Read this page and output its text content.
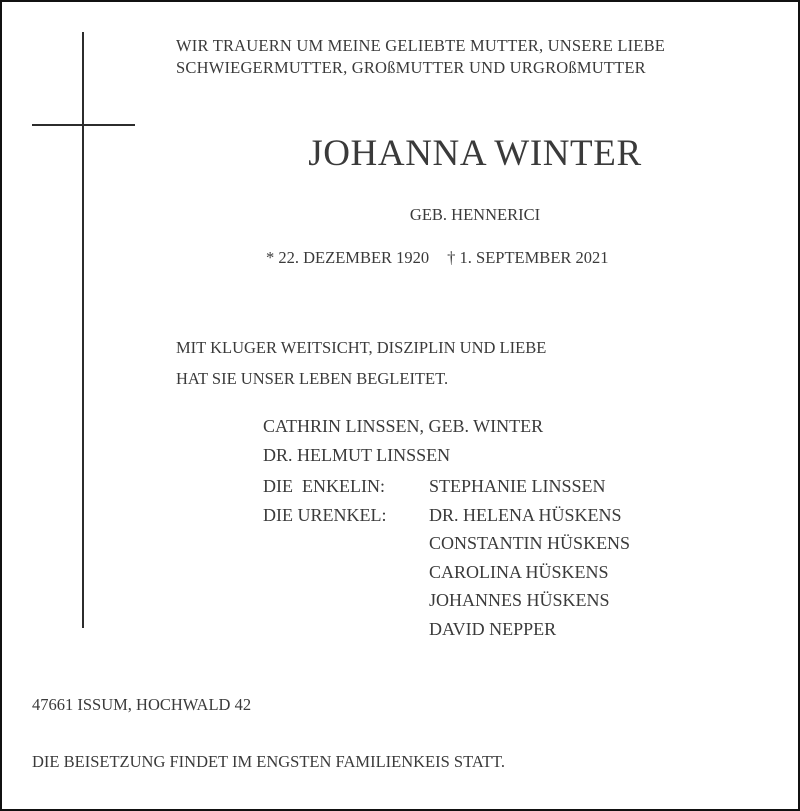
WIR TRAUERN UM MEINE GELIEBTE MUTTER, UNSERE LIEBE
SCHWIEGERMUTTER, GROßMUTTER UND URGROßMUTTER
JOHANNA WINTER
GEB. HENNERICI
* 22. DEZEMBER 1920 † 1. SEPTEMBER 2021
MIT KLUGER WEITSICHT, DISZIPLIN UND LIEBE
HAT SIE UNSER LEBEN BEGLEITET.
CATHRIN LINSSEN, GEB. WINTER
DR. HELMUT LINSSEN
DIE  ENKELIN:	STEPHANIE LINSSEN
DIE URENKEL:	DR. HELENA HÜSKENS
CONSTANTIN HÜSKENS
CAROLINA HÜSKENS
JOHANNES HÜSKENS
DAVID NEPPER
47661 ISSUM, HOCHWALD 42
DIE BEISETZUNG FINDET IM ENGSTEN FAMILIENKEIS STATT.
